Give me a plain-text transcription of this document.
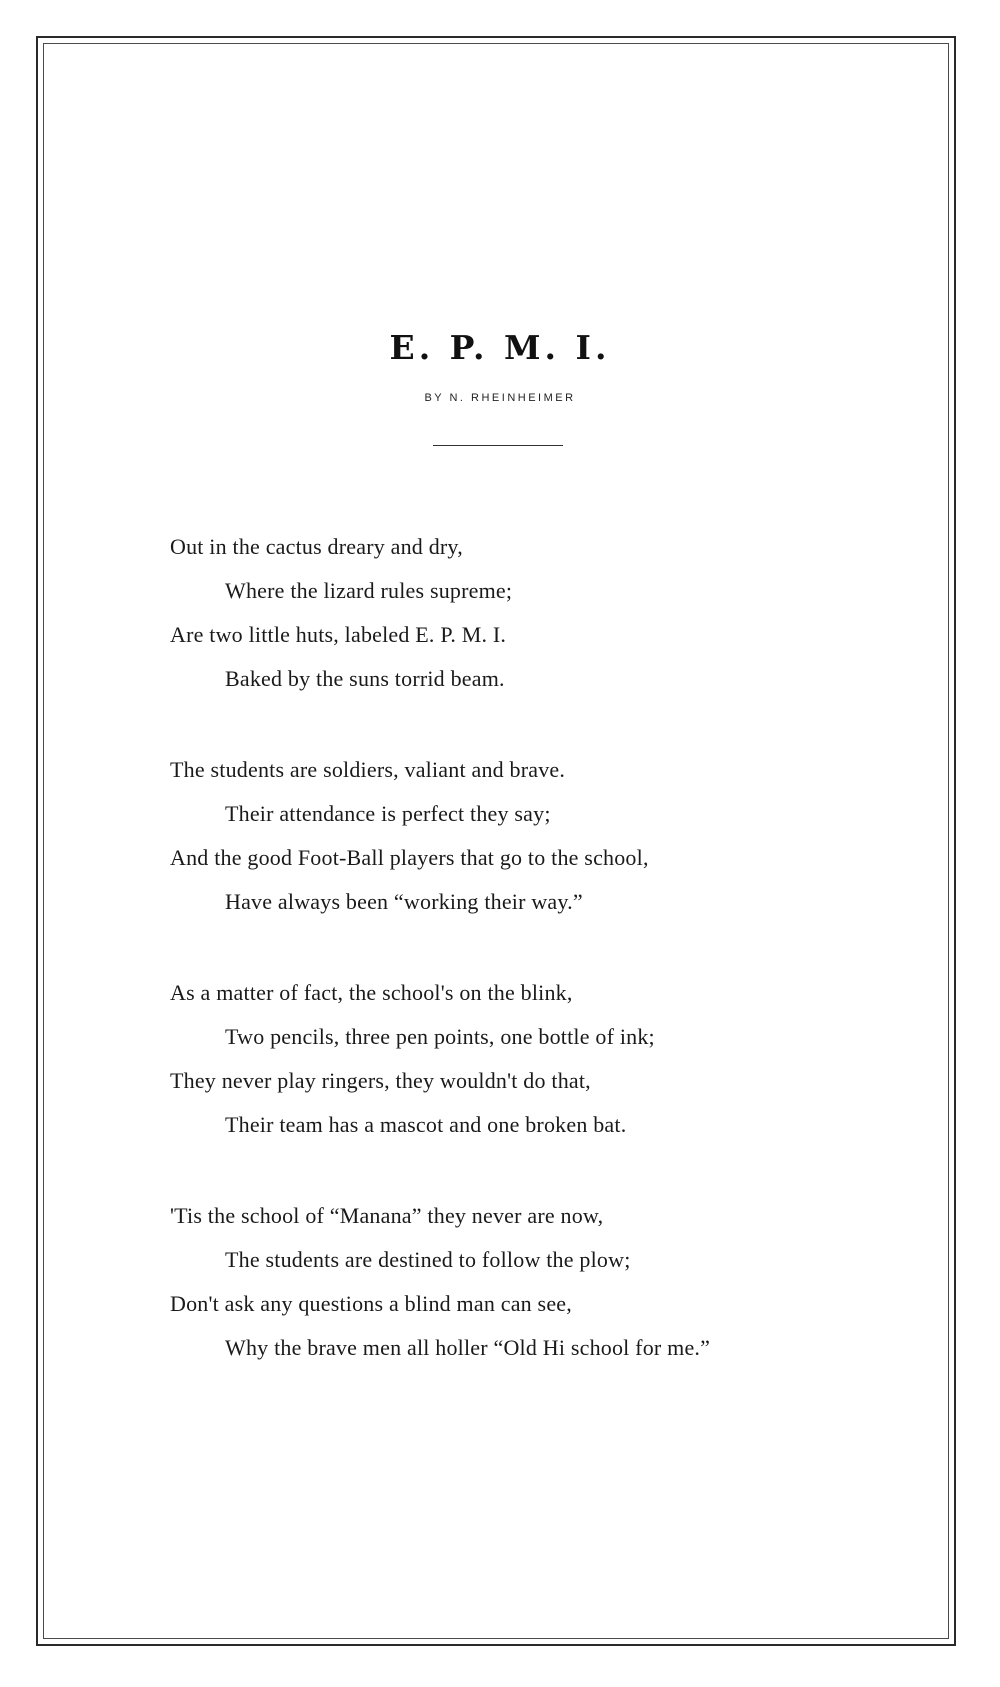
E. P. M. I.
BY N. RHEINHEIMER
Out in the cactus dreary and dry,
Where the lizard rules supreme;
Are two little huts, labeled E. P. M. I.
Baked by the suns torrid beam.
The students are soldiers, valiant and brave.
Their attendance is perfect they say;
And the good Foot-Ball players that go to the school,
Have always been “working their way.”
As a matter of fact, the school's on the blink,
Two pencils, three pen points, one bottle of ink;
They never play ringers, they wouldn't do that,
Their team has a mascot and one broken bat.
'Tis the school of “Manana” they never are now,
The students are destined to follow the plow;
Don't ask any questions a blind man can see,
Why the brave men all holler “Old Hi school for me.”
